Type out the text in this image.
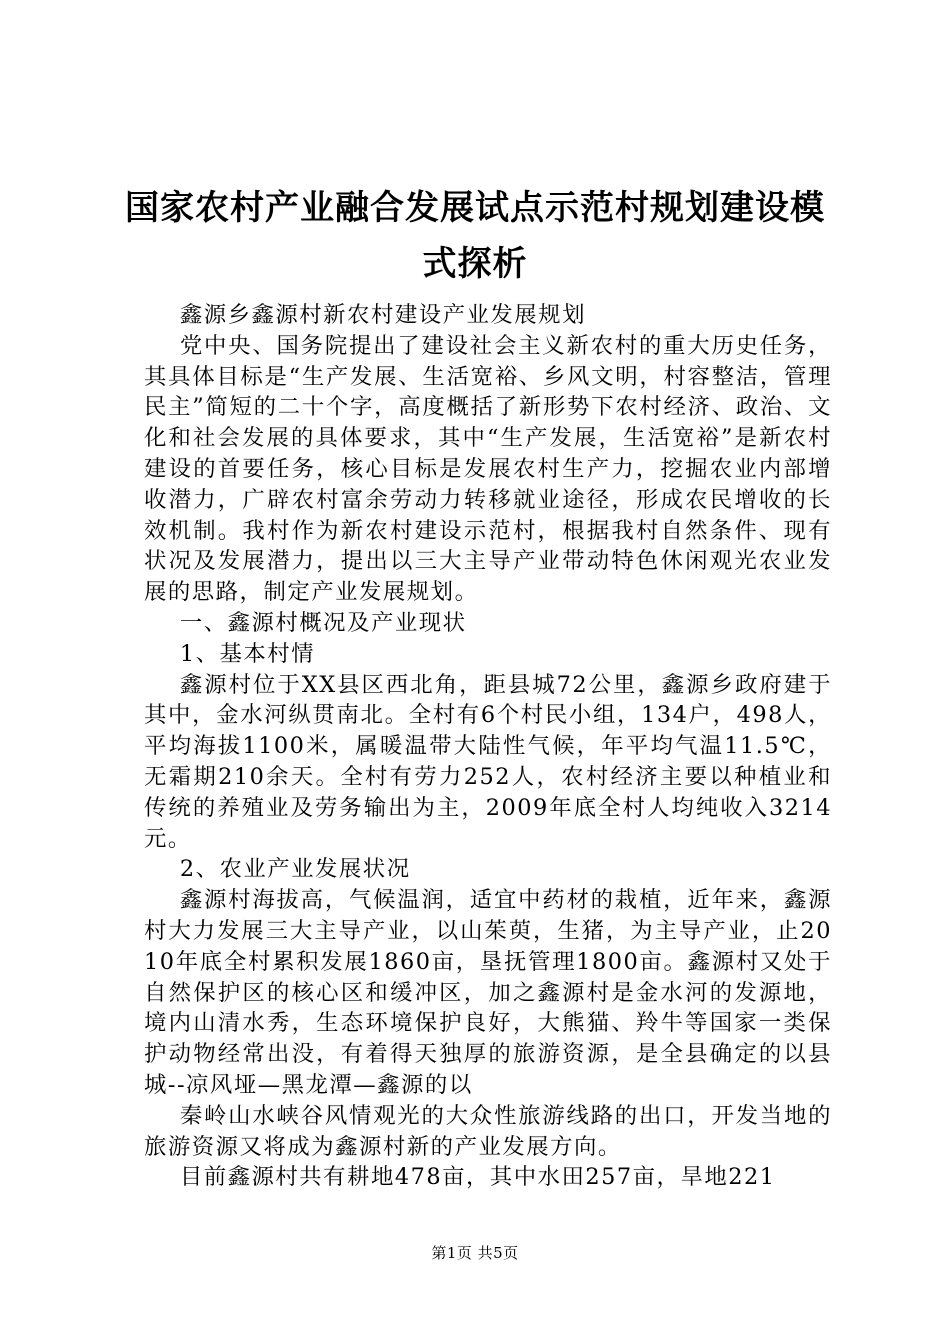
国家农村产业融合发展试点示范村规划建设模
式探析

鑫源乡鑫源村新农村建设产业发展规划

党中央、国务院提出了建设社会主义新农村的重大历史任务，其具体目标是“生产发展、生活宽裕、乡风文明，村容整洁，管理民主”简短的二十个字，高度概括了新形势下农村经济、政治、文化和社会发展的具体要求，其中“生产发展，生活宽裕”是新农村建设的首要任务，核心目标是发展农村生产力，挖掘农业内部增收潜力，广辟农村富余劳动力转移就业途径，形成农民增收的长效机制。我村作为新农村建设示范村，根据我村自然条件、现有状况及发展潜力，提出以三大主导产业带动特色休闲观光农业发展的思路，制定产业发展规划。

一、鑫源村概况及产业现状

1、基本村情

鑫源村位于XX县区西北角，距县城72公里，鑫源乡政府建于其中，金水河纵贯南北。全村有6个村民小组，134户，498人，平均海拔1100米，属暖温带大陆性气候，年平均气温11.5℃，无霜期210余天。全村有劳力252人，农村经济主要以种植业和传统的养殖业及劳务输出为主，2009年底全村人均纯收入3214元。

2、农业产业发展状况

鑫源村海拔高，气候温润，适宜中药材的栽植，近年来，鑫源村大力发展三大主导产业，以山茱萸，生猪，为主导产业，止2010年底全村累积发展1860亩，垦抚管理1800亩。鑫源村又处于自然保护区的核心区和缓冲区，加之鑫源村是金水河的发源地，境内山清水秀，生态环境保护良好，大熊猫、羚牛等国家一类保护动物经常出没，有着得天独厚的旅游资源，是全县确定的以县城--凉风垭—黑龙潭—鑫源的以

秦岭山水峡谷风情观光的大众性旅游线路的出口，开发当地的旅游资源又将成为鑫源村新的产业发展方向。

目前鑫源村共有耕地478亩，其中水田257亩，旱地221

第1页 共5页
